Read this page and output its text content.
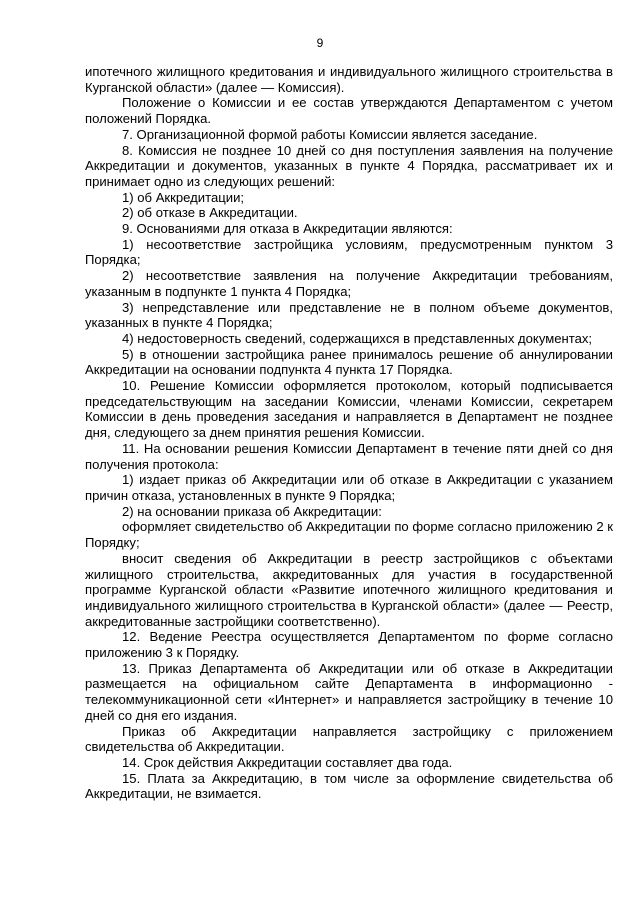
9

ипотечного жилищного кредитования и индивидуального жилищного строительства в Курганской области» (далее — Комиссия).

Положение о Комиссии и ее состав утверждаются Департаментом с учетом положений Порядка.

7. Организационной формой работы Комиссии является заседание.

8. Комиссия не позднее 10 дней со дня поступления заявления на получение Аккредитации и документов, указанных в пункте 4 Порядка, рассматривает их и принимает одно из следующих решений:

1) об Аккредитации;

2) об отказе в Аккредитации.

9. Основаниями для отказа в Аккредитации являются:

1) несоответствие застройщика условиям, предусмотренным пунктом 3 Порядка;

2) несоответствие заявления на получение Аккредитации требованиям, указанным в подпункте 1 пункта 4 Порядка;

3) непредставление или представление не в полном объеме документов, указанных в пункте 4 Порядка;

4) недостоверность сведений, содержащихся в представленных документах;

5) в отношении застройщика ранее принималось решение об аннулировании Аккредитации на основании подпункта 4 пункта 17 Порядка.

10. Решение Комиссии оформляется протоколом, который подписывается председательствующим на заседании Комиссии, членами Комиссии, секретарем Комиссии в день проведения заседания и направляется в Департамент не позднее дня, следующего за днем принятия решения Комиссии.

11. На основании решения Комиссии Департамент в течение пяти дней со дня получения протокола:

1) издает приказ об Аккредитации или об отказе в Аккредитации с указанием причин отказа, установленных в пункте 9 Порядка;

2) на основании приказа об Аккредитации:

оформляет свидетельство об Аккредитации по форме согласно приложению 2 к Порядку;

вносит сведения об Аккредитации в реестр застройщиков с объектами жилищного строительства, аккредитованных для участия в государственной программе Курганской области «Развитие ипотечного жилищного кредитования и индивидуального жилищного строительства в Курганской области» (далее — Реестр, аккредитованные застройщики соответственно).

12. Ведение Реестра осуществляется Департаментом по форме согласно приложению 3 к Порядку.

13. Приказ Департамента об Аккредитации или об отказе в Аккредитации размещается на официальном сайте Департамента в информационно - телекоммуникационной сети «Интернет» и направляется застройщику в течение 10 дней со дня его издания.

Приказ об Аккредитации направляется застройщику с приложением свидетельства об Аккредитации.

14. Срок действия Аккредитации составляет два года.

15. Плата за Аккредитацию, в том числе за оформление свидетельства об Аккредитации, не взимается.
